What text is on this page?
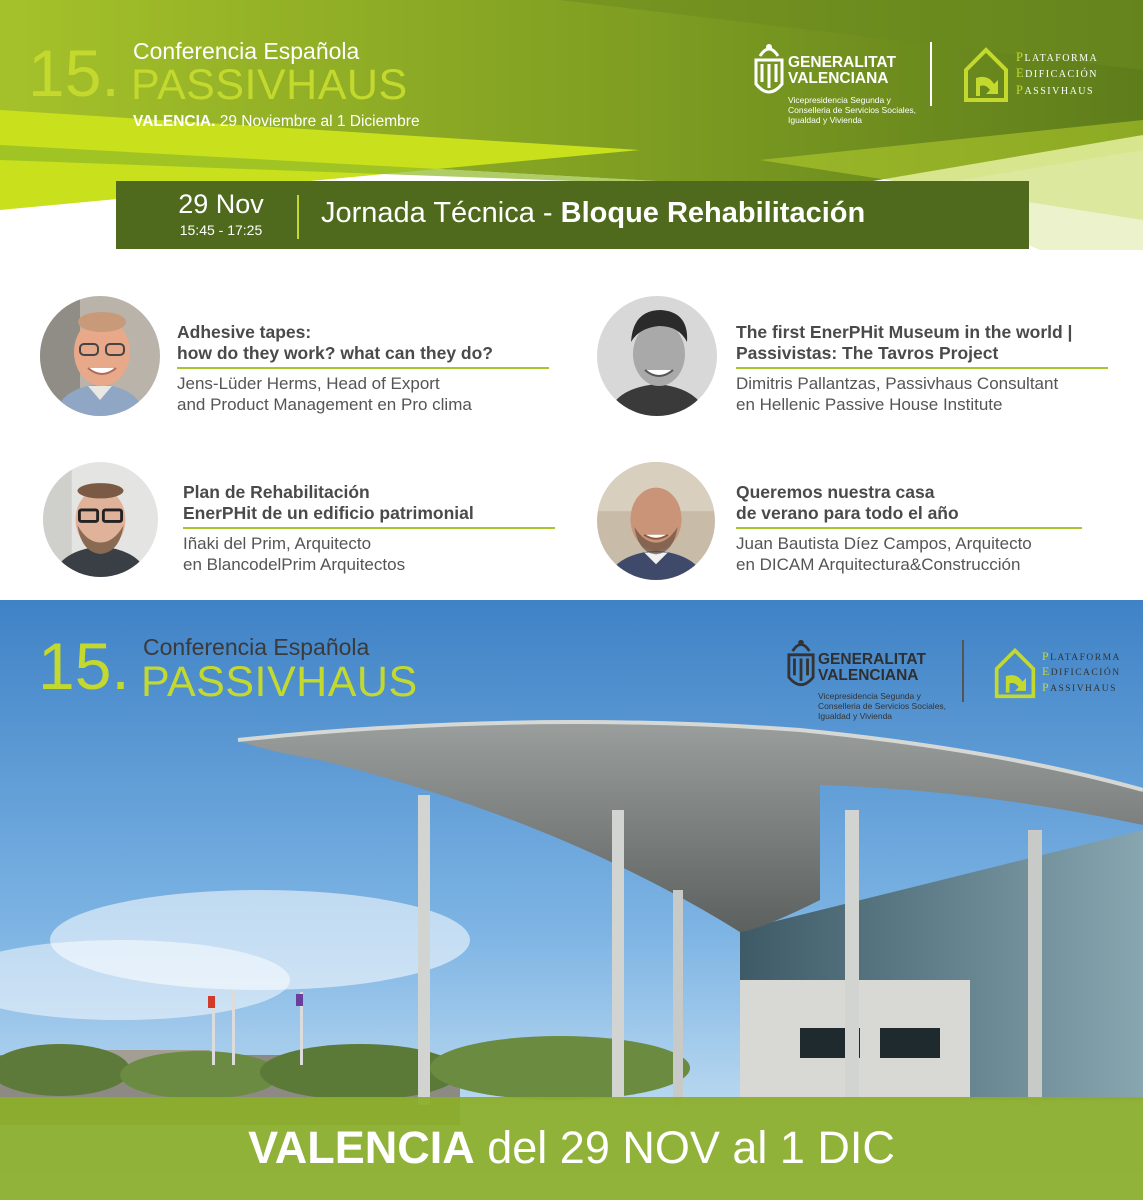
15. Conferencia Española
PASSIVHAUS
VALENCIA. 29 Noviembre al 1 Diciembre
GENERALITAT
VALENCIANA
Vicepresidencia Segunda y
Conselleria de Servicios Sociales,
Igualdad y Vivienda
PLATAFORMA
EDIFICACIÓN
PASSIVHAUS
29 Nov
15:45 - 17:25
Jornada Técnica - Bloque Rehabilitación
Adhesive tapes:
how do they work? what can they do?
Jens-Lüder Herms, Head of Export
and Product Management en Pro clima
The first EnerPHit Museum in the world |
Passivistas: The Tavros Project
Dimitris Pallantzas, Passivhaus Consultant
en Hellenic Passive House Institute
Plan de Rehabilitación
EnerPHit de un edificio patrimonial
Iñaki del Prim, Arquitecto
en BlancodelPrim Arquitectos
Queremos nuestra casa
de verano para todo el año
Juan Bautista Díez Campos, Arquitecto
en DICAM Arquitectura&Construcción
15. Conferencia Española
PASSIVHAUS	GENERALITAT
VALENCIANA
Vicepresidencia Segunda y
Conselleria de Servicios Sociales,
Igualdad y Vivienda
PLATAFORMA
EDIFICACIÓN
PASSIVHAUS
VALENCIA del 29 NOV al 1 DIC
